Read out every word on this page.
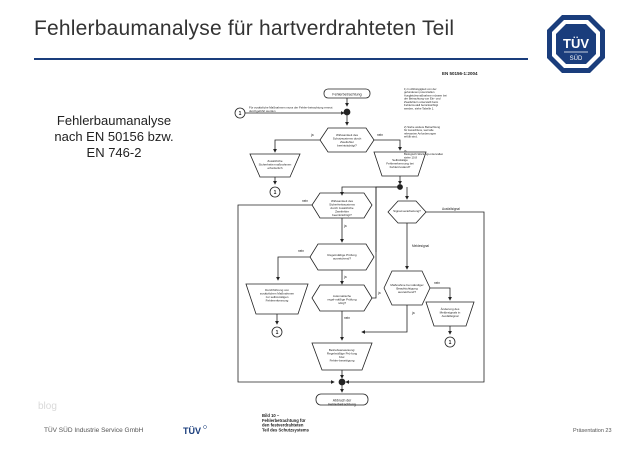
Fehlerbaumanalyse für hartverdrahteten Teil
TÜV
SÜD
Fehlerbaumanalyse
nach EN 50156 bzw.
EN 746-2
EN 50156-1:2004
Fehlerbetrachtung
1
Für zusätzliche Maßnahmen muss der Fehler-betrachtung erneut durchgeführt werden
1) In Abhängigkeit von der gefundenen potenziellen Ausgleichsmaßnahme müssen bei der Betrachtung von Ein- und Zweifehlern unterstellt beim Fehlermodell berücksichtigt werden, siehe Tabelle 1.
2) Siehe weitere Betrachtung für Ausschluss, weil alle relevanten Anforderungen erfüllt sind.
3) Biologisch-Wartungs-intervallen siehe 10.8
Wirksamkeit des Schutzsystems durch Zweifehler beeinträchtigt?
ja	nein
Zusätzliche Sicherheits-maßnahmen erforderlich
1
Selbsttätige Fehlererkennung bei Fehlerzustand?
Wirksamkeit des Sicherheitssystems durch zusätzliche Zweifehler beeinträchtigt?
nein
ja
Signal-verarbeitung?	Ausfallsignal
Meldesignal
Regelmäßige Prüfung ausreichend?
nein
ja
Durchführung von zusätzlichen Maßnahmen zur selbst-tätigen Fehlererkennung
1
Automatische regel-mäßige Prüfung nötig?
ja
nein
Maßnahme bei ständiger Beaufsichtigung ausreichend?
ja
nein
Änderung des Meldesignals in Ausfallsignal
1
Betriebsanweisung: Regelmäßige Prü-fung bzw. Fehler-beseitigung
Abbruch der Fehlerbetrachtung
Bild 10 – Fehlerbetrachtung für den festverdrahteten Teil des Schutzsystems
blog
TÜV SÜD Industrie Service GmbH	TÜV	Präsentation 23
